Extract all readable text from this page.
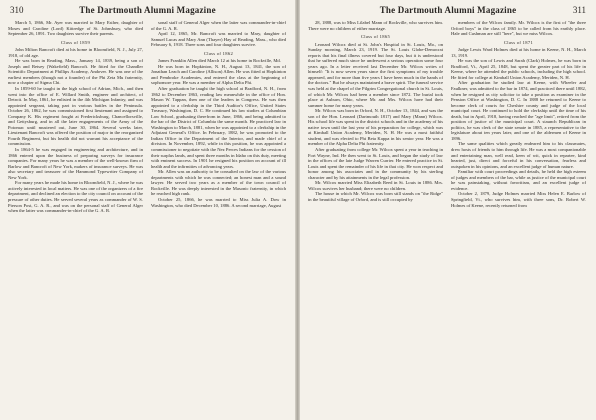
310	The Dartmouth Alumni Magazine

March 5, 1866, Mr. Ayer was married to Mary Esther, daughter of Moses and Caroline (Lord) Kittredge of St. Johnsbury, who died September 26, 1891. Two daughters survive their parents.

Class of 1859

John Milton Bancroft died at his home in Bloomfield, N. J., July 27, 1918, of old age.

He was born in Reading, Mass., January 14, 1839, being a son of Joseph and Betsey (Wakefield) Bancroft. He fitted for the Chandler Scientific Department at Phillips Academy, Andover. He was one of the earliest members (though not a founder) of the Phi Zeta Mu fraternity, now a chapter of Sigma Chi.

In 1859-60 he taught in the high school of Adrian, Mich., and then went into the office of E. Willard Smith, engineer and architect, of Detroit. In May, 1861, he enlisted in the 4th Michigan Infantry, and was appointed sergeant, taking part in various battles in the Peninsula. October 26, 1862, he was commissioned first lieutenant and assigned to Company K. His regiment fought at Fredericksburg, Chancellorsville, and Gettysburg, and in all the later engagements of the Army of the Potomac until mustered out, June 30, 1864. Several weeks later, Lieutenant Bancroft was offered the position of major in the reorganized Fourth Regiment, but his health did not warrant his acceptance of the commission.

In 1864-5 he was engaged in engineering and architecture, and in 1866 entered upon the business of preparing surveys for insurance companies. For many years he was a member of the well-known firm of Barlow and Bancroft of New York, makers of insurance surveys. He was also secretary and treasurer of the Hammond Typewriter Company of New York.

For many years he made his home in Bloomfield, N. J., where he was actively interested in local matters. He was one of the organizers of a fire department, and declined an election to the city council on account of the pressure of other duties. He served several years as commander of W. S. Pierson Post, G. A. R., and was on the personal staff of General Alger when the latter was commander-in-chief of the G. A. R.

sonal staff of General Alger when the latter was commander-in-chief of the G. A. R.

April 12, 1865, Mr. Bancroft was married to Mary, daughter of Samuel Lucas and Mary Ann (Thayer) Hay of Reading, Mass., who died February 6, 1918. Three sons and four daughters survive.

Class of 1862

James Franklin Allen died March 12 at his home in Rockville, Md.

He was born in Hopkinton, N. H., August 13, 1841, the son of Jonathan Leach and Caroline (Allison) Allen. He was fitted at Hopkinton and Pembroke Academies, and entered the class at the beginning of sophomore year. He was a member of Alpha Delta Phi.

After graduation he taught the high school at Bradford, N. H., from 1862 to December 1863, reading law meanwhile in the office of Hon. Mason W. Tappan, then one of the leaders in Congress. He was then appointed to a clerkship in the Third Auditor's Office, United States Treasury, Washington, D. C. He continued his law studies at Columbian Law School, graduating therefrom in June, 1866, and being admitted to the bar of the District of Columbia the same month. He practiced law in Washington to March, 1881, when he was appointed to a clerkship in the Adjutant General's Office. In February, 1882, he was promoted to the Indian Office in the Department of the Interior, and made chief of a division. In November, 1892, while in this position, he was appointed a commissioner to negotiate with the Nez Perces Indians for the cession of their surplus lands, and spent three months in Idaho on this duty, meeting with eminent success. In 1901 he resigned his position on account of ill health and the infirmities of advancing years.

Mr. Allen was an authority to be consulted on the law of the various departments with which he was connected; an honest man and a sound lawyer. He served two years as a member of the town council of Rockville. He was deeply interested in the Masonic fraternity, in which he reached high rank.

October 25, 1866, he was married to Miss Julia A. Dow in Washington, who died December 10, 1886. A second marriage, August

The Dartmouth Alumni Magazine	311

28, 1888, was to Miss Lilabel Mann of Rockville, who survives him. There were no children of either marriage.

Class of 1865

Leonard Wilcox died at St. John's Hospital in St. Louis, Mo., on Sunday morning, March 23, 1919. The St. Louis Globe-Democrat reports that his final illness covered but four days, but it is understood that he suffered much since he underwent a serious operation some four years ago. In a letter received last December Mr. Wilcox writes of himself: "It is now seven years since the first symptoms of my trouble appeared, and for more than five years I have been much in the hands of the doctors." But he always maintained a brave spirit. The funeral service was held at the chapel of the Pilgrim Congregational church in St. Louis, of which Mr. Wilcox had been a member since 1872. The burial took place at Auburn, Ohio, where Mr. and Mrs. Wilcox have had their summer home for many years.

Mr. Wilcox was born in Orford, N. H., October 13, 1844, and was the son of the Hon. Leonard (Dartmouth 1817) and Mary (Mann) Wilcox. His school life was spent in the district schools and in the academy of his native town until the last year of his preparation for college, which was at Kimball Union Academy, Meriden, N. H. He was a most faithful student, and was elected to Phi Beta Kappa in his senior year. He was a member of the Alpha Delta Phi fraternity.

After graduating from college Mr. Wilcox spent a year in teaching in Fort Wayne, Ind. He then went to St. Louis, and began the study of law in the offices of the late Judge Warren Currier. He entered practice in St. Louis and spent the remainder of his life in that city. He won respect and honor among his associates and in the community by his sterling character and by his attainments in the legal profession.

Mr. Wilcox married Miss Elizabeth Reed in St. Louis in 1886. Mrs. Wilcox survives her husband; there were no children.

The house in which Mr. Wilcox was born still stands on "the Ridge" in the beautiful village of Orford, and is still occupied by

members of the Wilcox family. Mr. Wilcox is the first of "the three Orford boys" in the class of 1865 to be called from his earthly place. Hale and Cushman are still "here", but we miss Wilcox.

Class of 1871

Judge Lewis Ward Holmes died at his home in Keene, N. H., March 13, 1919.

He was the son of Lewis and Sarah (Clark) Holmes, he was born in Bradford, Vt., April 25, 1848, but spent the greater part of his life in Keene, where he attended the public schools, including the high school. He fitted for college at Kimball Union Academy, Meriden, N. H.

After graduation he studied law at Keene, with Wheeler and Faulkner, was admitted to the bar in 1874, and practiced there until 1882, when he resigned as city solicitor to take a position as examiner in the Pension Office at Washington, D. C. In 1888 he returned to Keene to become clerk of courts for Cheshire county and judge of the local municipal court. He continued to hold the clerkship until the time of his death, but in April, 1918, having reached the "age limit", retired from the position of justice of the municipal court. A staunch Republican in politics, he was clerk of the state senate in 1885, a representative to the legislature about ten years later, and one of the aldermen of Keene in 1896.

The same qualities which greatly endeared him to his classmates, drew hosts of friends to him through life. He was a most companionable and entertaining man, well read, keen of wit, quick in repartee, kind hearted, just, direct and forceful in his conversation, fearless and outspoken in his opinions, and an excellent judge of human nature.

Familiar with court proceedings and details, he held the high esteem of judges and members of the bar, while as justice of the municipal court he was painstaking, without favoritism, and an excellent judge of evidence.

October 2, 1879, Judge Holmes married Miss Helen E. Barlow of Springfield, Vt., who survives him, with three sons, Dr. Robert W. Holmes of Keene, recently returned from
